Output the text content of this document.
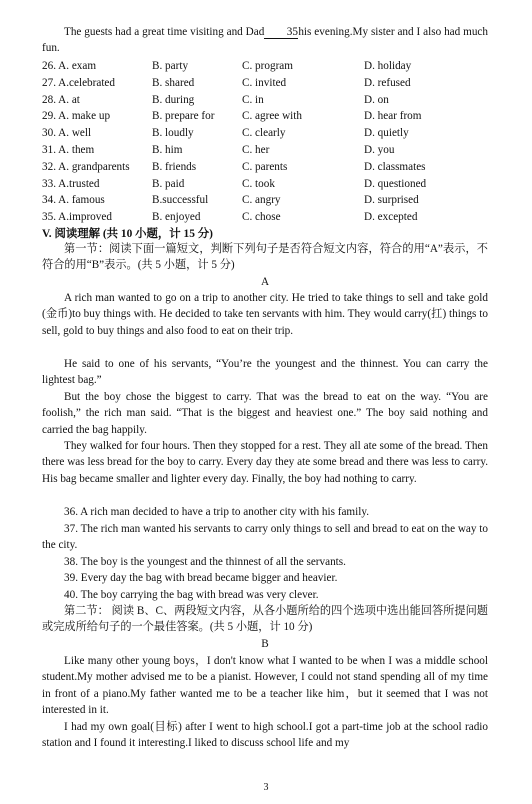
The guests had a great time visiting and Dad 35his evening.My sister and I also had much fun.

26. A. exam	B. party	C. program	D. holiday
27. A.celebrated	B. shared	C. invited	D. refused
28. A. at	B. during	C. in	D. on
29. A. make up	B. prepare for C. agree with	D. hear from
30. A. well	B. loudly	C. clearly	D. quietly
31. A. them	B. him	C. her	D. you
32. A. grandparents B. friends	C. parents	D. classmates
33. A.trusted	B. paid	C. took	D. questioned
34. A. famous	B.successful	C. angry	D. surprised
35. A.improved	B. enjoyed	C. chose	D. excepted
V. 阅读理解 (共 10 小题，计 15 分)

第一节：阅读下面一篇短文，判断下列句子是否符合短文内容，符合的用“A”表示，不符合的用“B”表示。(共 5 小题，计 5 分)

A

A rich man wanted to go on a trip to another city. He tried to take things to sell and take gold (金币)to buy things with. He decided to take ten servants with him. They would carry(扛) things to sell, gold to buy things and also food to eat on their trip.

He said to one of his servants, “You’re the youngest and the thinnest. You can carry the lightest bag.”

But the boy chose the biggest to carry. That was the bread to eat on the way. “You are foolish,” the rich man said. “That is the biggest and heaviest one.” The boy said nothing and carried the bag happily.

They walked for four hours. Then they stopped for a rest. They all ate some of the bread. Then there was less bread for the boy to carry. Every day they ate some bread and there was less to carry. His bag became smaller and lighter every day. Finally, the boy had nothing to carry.

36. A rich man decided to have a trip to another city with his family.

37. The rich man wanted his servants to carry only things to sell and bread to eat on the way to the city.

38. The boy is the youngest and the thinnest of all the servants.

39. Every day the bag with bread became bigger and heavier.

40. The boy carrying the bag with bread was very clever.

第二节： 阅读 B、C、两段短文内容，从各小题所给的四个选项中选出能回答所提问题或完成所给句子的一个最佳答案。(共 5 小题，计 10 分)

B

Like many other young boys，I don't know what I wanted to be when I was a middle school student.My mother advised me to be a pianist. However, I could not stand spending all of my time in front of a piano.My father wanted me to be a teacher like him，but it seemed that I was not interested in it.

I had my own goal(目标) after I went to high school.I got a part-time job at the school radio station and I found it interesting.I liked to discuss school life and my

3
